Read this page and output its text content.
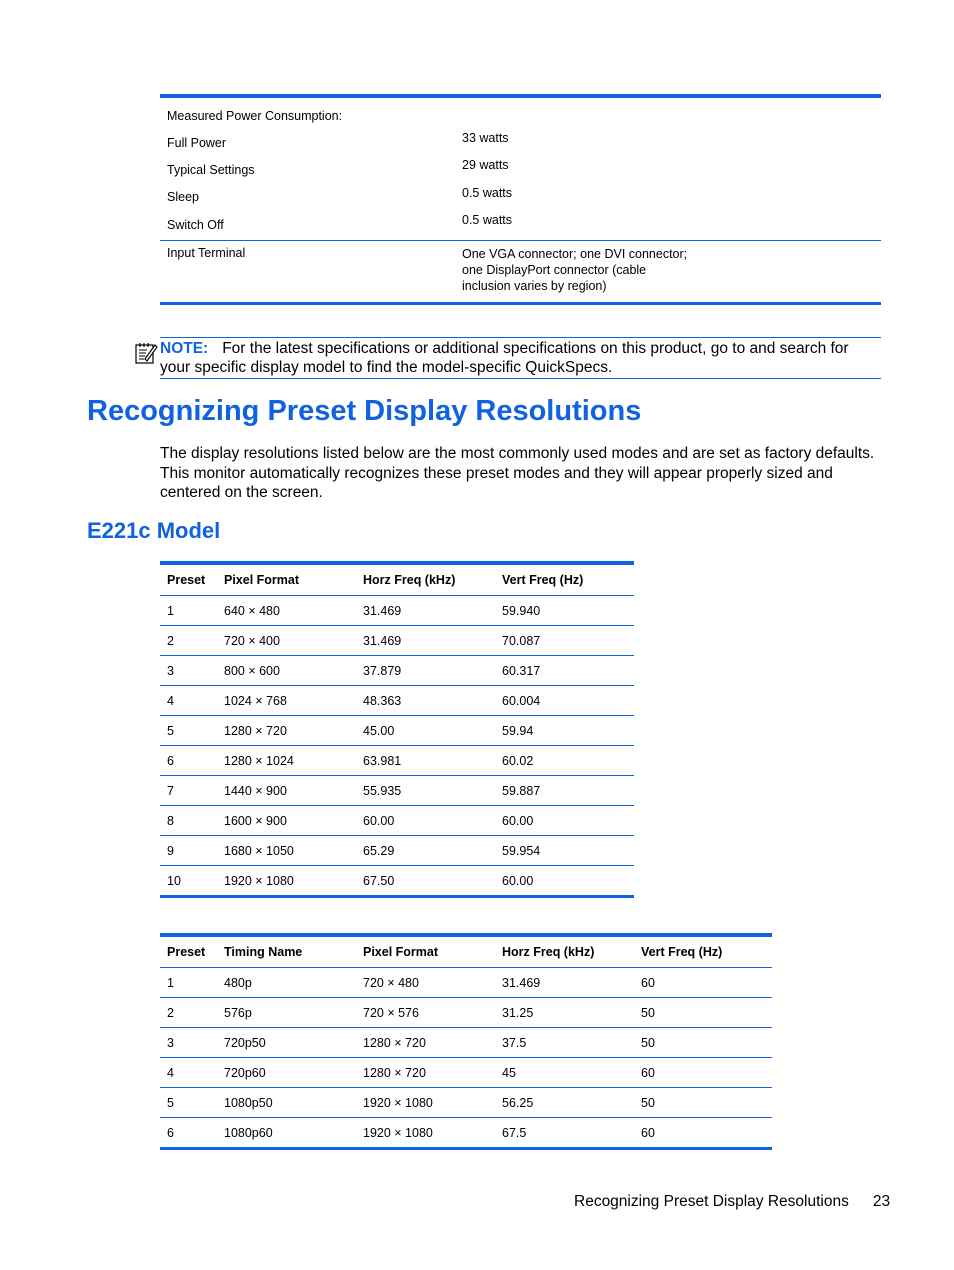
Measured Power Consumption:
Full Power	33 watts
Typical Settings	29 watts
Sleep	0.5 watts
Switch Off	0.5 watts
Input Terminal	One VGA connector; one DVI connector;
one DisplayPort connector (cable
inclusion varies by region)
NOTE: For the latest specifications or additional specifications on this product, go to and search for your specific display model to find the model-specific QuickSpecs.
Recognizing Preset Display Resolutions
The display resolutions listed below are the most commonly used modes and are set as factory defaults. This monitor automatically recognizes these preset modes and they will appear properly sized and centered on the screen.
E221c Model
Preset	Pixel Format	Horz Freq (kHz)	Vert Freq (Hz)
1	640 × 480	31.469	59.940
2	720 × 400	31.469	70.087
3	800 × 600	37.879	60.317
4	1024 × 768	48.363	60.004
5	1280 × 720	45.00	59.94
6	1280 × 1024	63.981	60.02
7	1440 × 900	55.935	59.887
8	1600 × 900	60.00	60.00
9	1680 × 1050	65.29	59.954
10	1920 × 1080	67.50	60.00
Preset	Timing Name	Pixel Format	Horz Freq (kHz)	Vert Freq (Hz)
1	480p	720 × 480	31.469	60
2	576p	720 × 576	31.25	50
3	720p50	1280 × 720	37.5	50
4	720p60	1280 × 720	45	60
5	1080p50	1920 × 1080	56.25	50
6	1080p60	1920 × 1080	67.5	60
Recognizing Preset Display Resolutions 23
